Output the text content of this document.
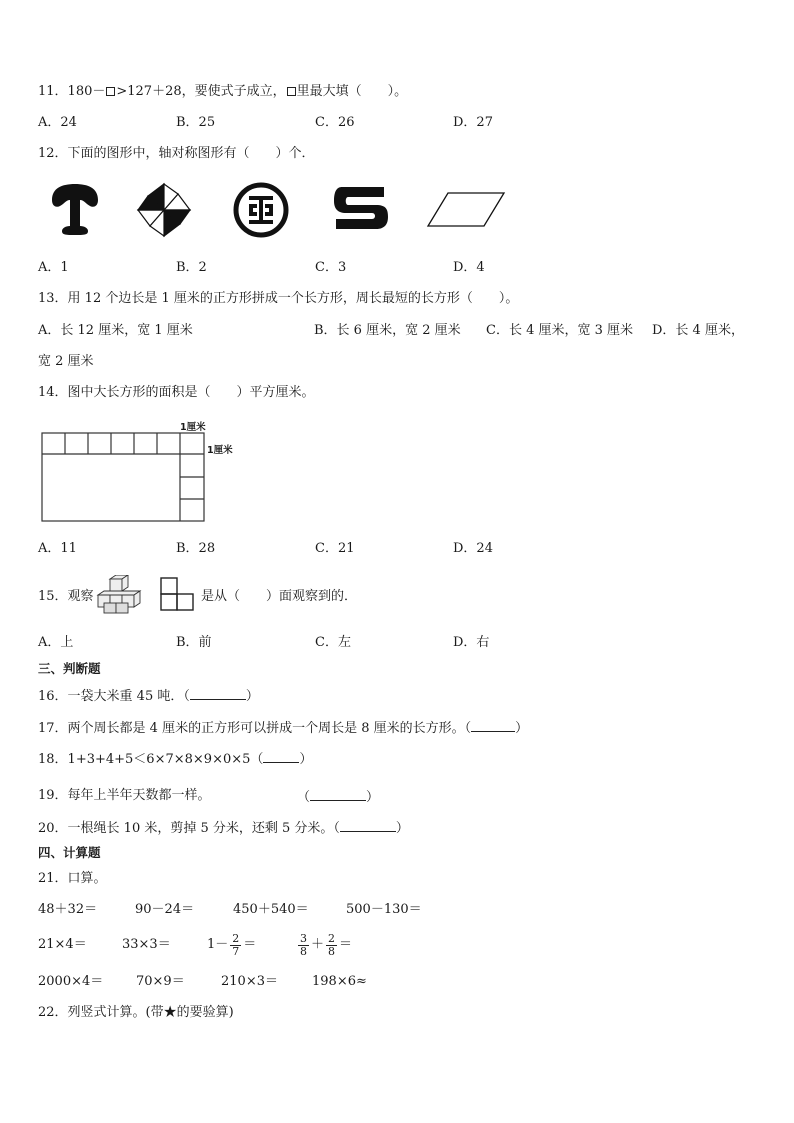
11．180－ >127＋28，要使式子成立， 里最大填（　　）。
A．24	B．25	C．26	D．27
12．下面的图形中，轴对称图形有（　　）个．
A．1	B．2	C．3	D．4
13．用 12 个边长是 1 厘米的正方形拼成一个长方形，周长最短的长方形（　　）。
A．长 12 厘米，宽 1 厘米	B．长 6 厘米，宽 2 厘米 C．长 4 厘米，宽 3 厘米 D．长 4 厘米，
宽 2 厘米
14．图中大长方形的面积是（　　）平方厘米。
1厘米
1厘米
A．11	B．28	C．21	D．24
15．观察	是从（　　）面观察到的．
A．上	B．前	C．左	D．右
三、判断题
16．一袋大米重 45 吨．（	）
17．两个周长都是 4 厘米的正方形可以拼成一个周长是 8 厘米的长方形。（	）
18．1+3+4+5＜6×7×8×9×0×5（	）
19．每年上半年天数都一样。	（	）
20．一根绳长 10 米，剪掉 5 分米，还剩 5 分米。（	）
四、计算题
21．口算。
48＋32＝	90－24＝	450＋540＝	500－130＝
21×4＝	33×3＝	$1- \frac{2}{7}$ ＝	$\frac{3}{8} + \frac{2}{8}$ ＝
2000×4＝	70×9＝	210×3＝	198×6≈
22．列竖式计算。(带★的要验算)
